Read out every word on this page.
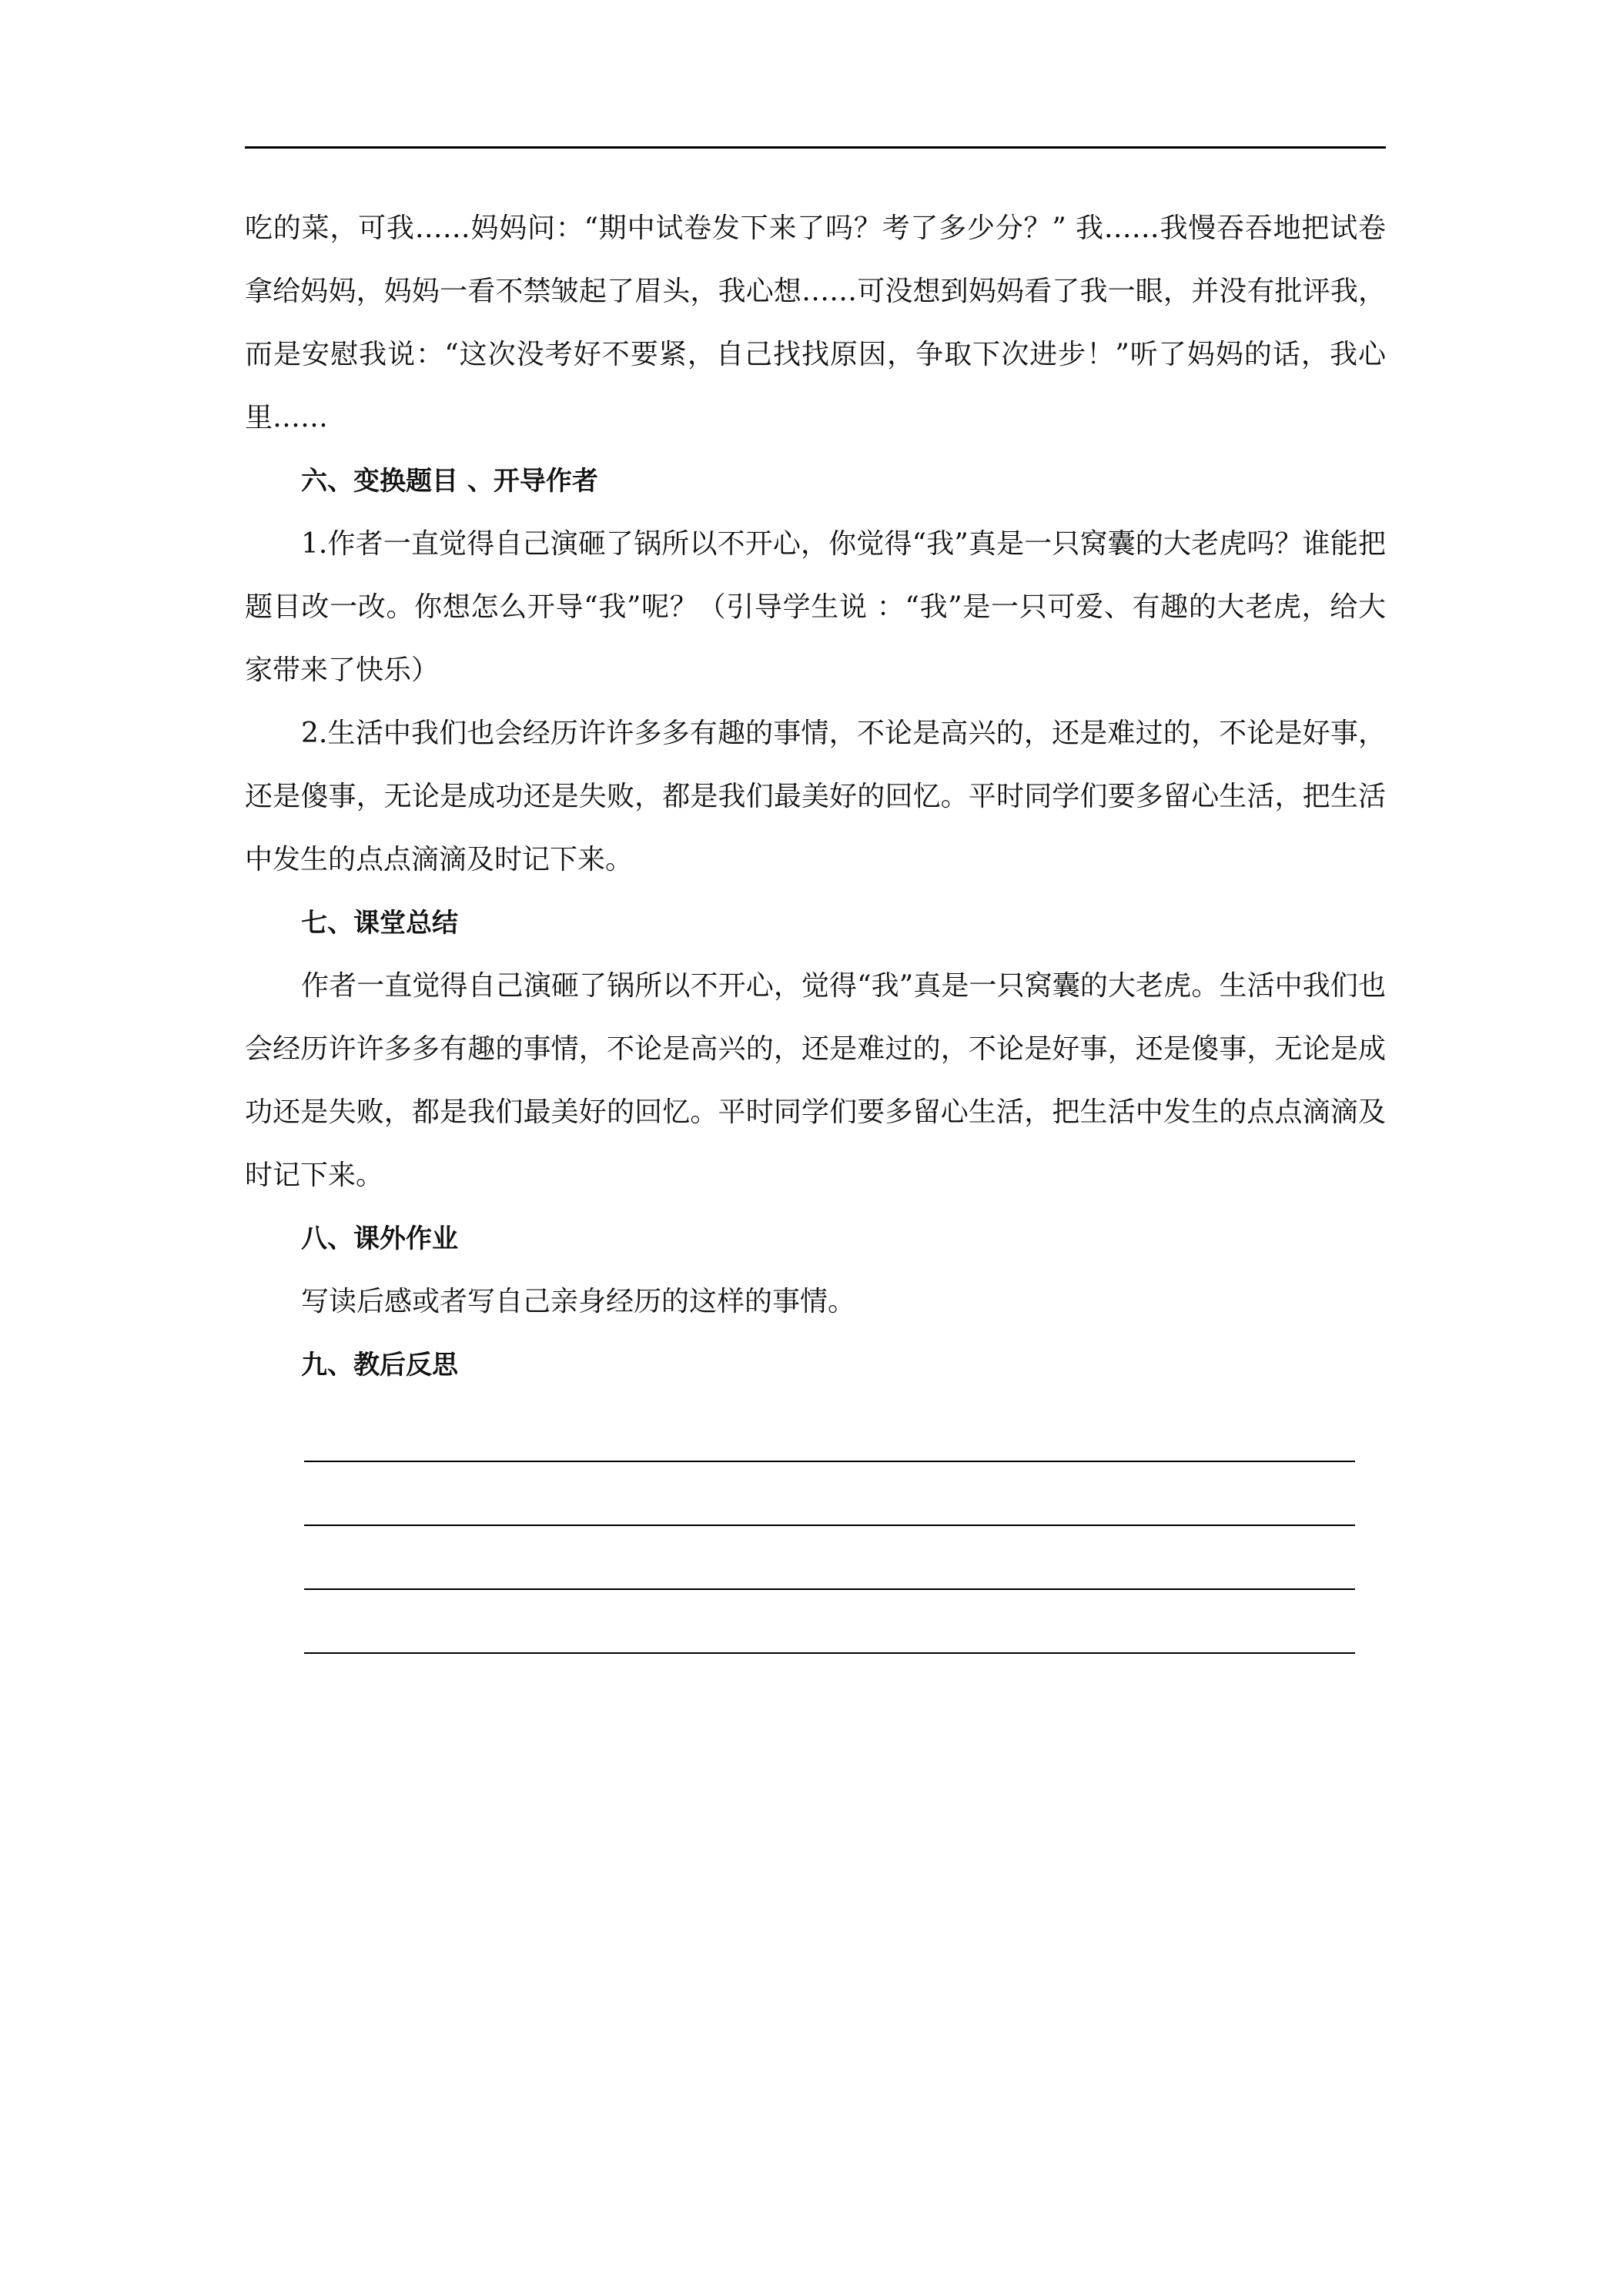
吃的菜，可我……妈妈问：“期中试卷发下来了吗？考了多少分？” 我……我慢吞吞地把试卷拿给妈妈，妈妈一看不禁皱起了眉头，我心想……可没想到妈妈看了我一眼，并没有批评我，而是安慰我说：“这次没考好不要紧，自己找找原因，争取下次进步！”听了妈妈的话，我心里……

六、变换题目 、开导作者

1.作者一直觉得自己演砸了锅所以不开心，你觉得“我”真是一只窝囊的大老虎吗？谁能把题目改一改。你想怎么开导“我”呢？（引导学生说 ：“我”是一只可爱、有趣的大老虎，给大家带来了快乐）

2.生活中我们也会经历许许多多有趣的事情，不论是高兴的，还是难过的，不论是好事，还是傻事，无论是成功还是失败，都是我们最美好的回忆。平时同学们要多留心生活，把生活中发生的点点滴滴及时记下来。

七、课堂总结

作者一直觉得自己演砸了锅所以不开心，觉得“我”真是一只窝囊的大老虎。生活中我们也会经历许许多多有趣的事情，不论是高兴的，还是难过的，不论是好事，还是傻事，无论是成功还是失败，都是我们最美好的回忆。平时同学们要多留心生活，把生活中发生的点点滴滴及时记下来。

八、课外作业

写读后感或者写自己亲身经历的这样的事情。

九、教后反思
